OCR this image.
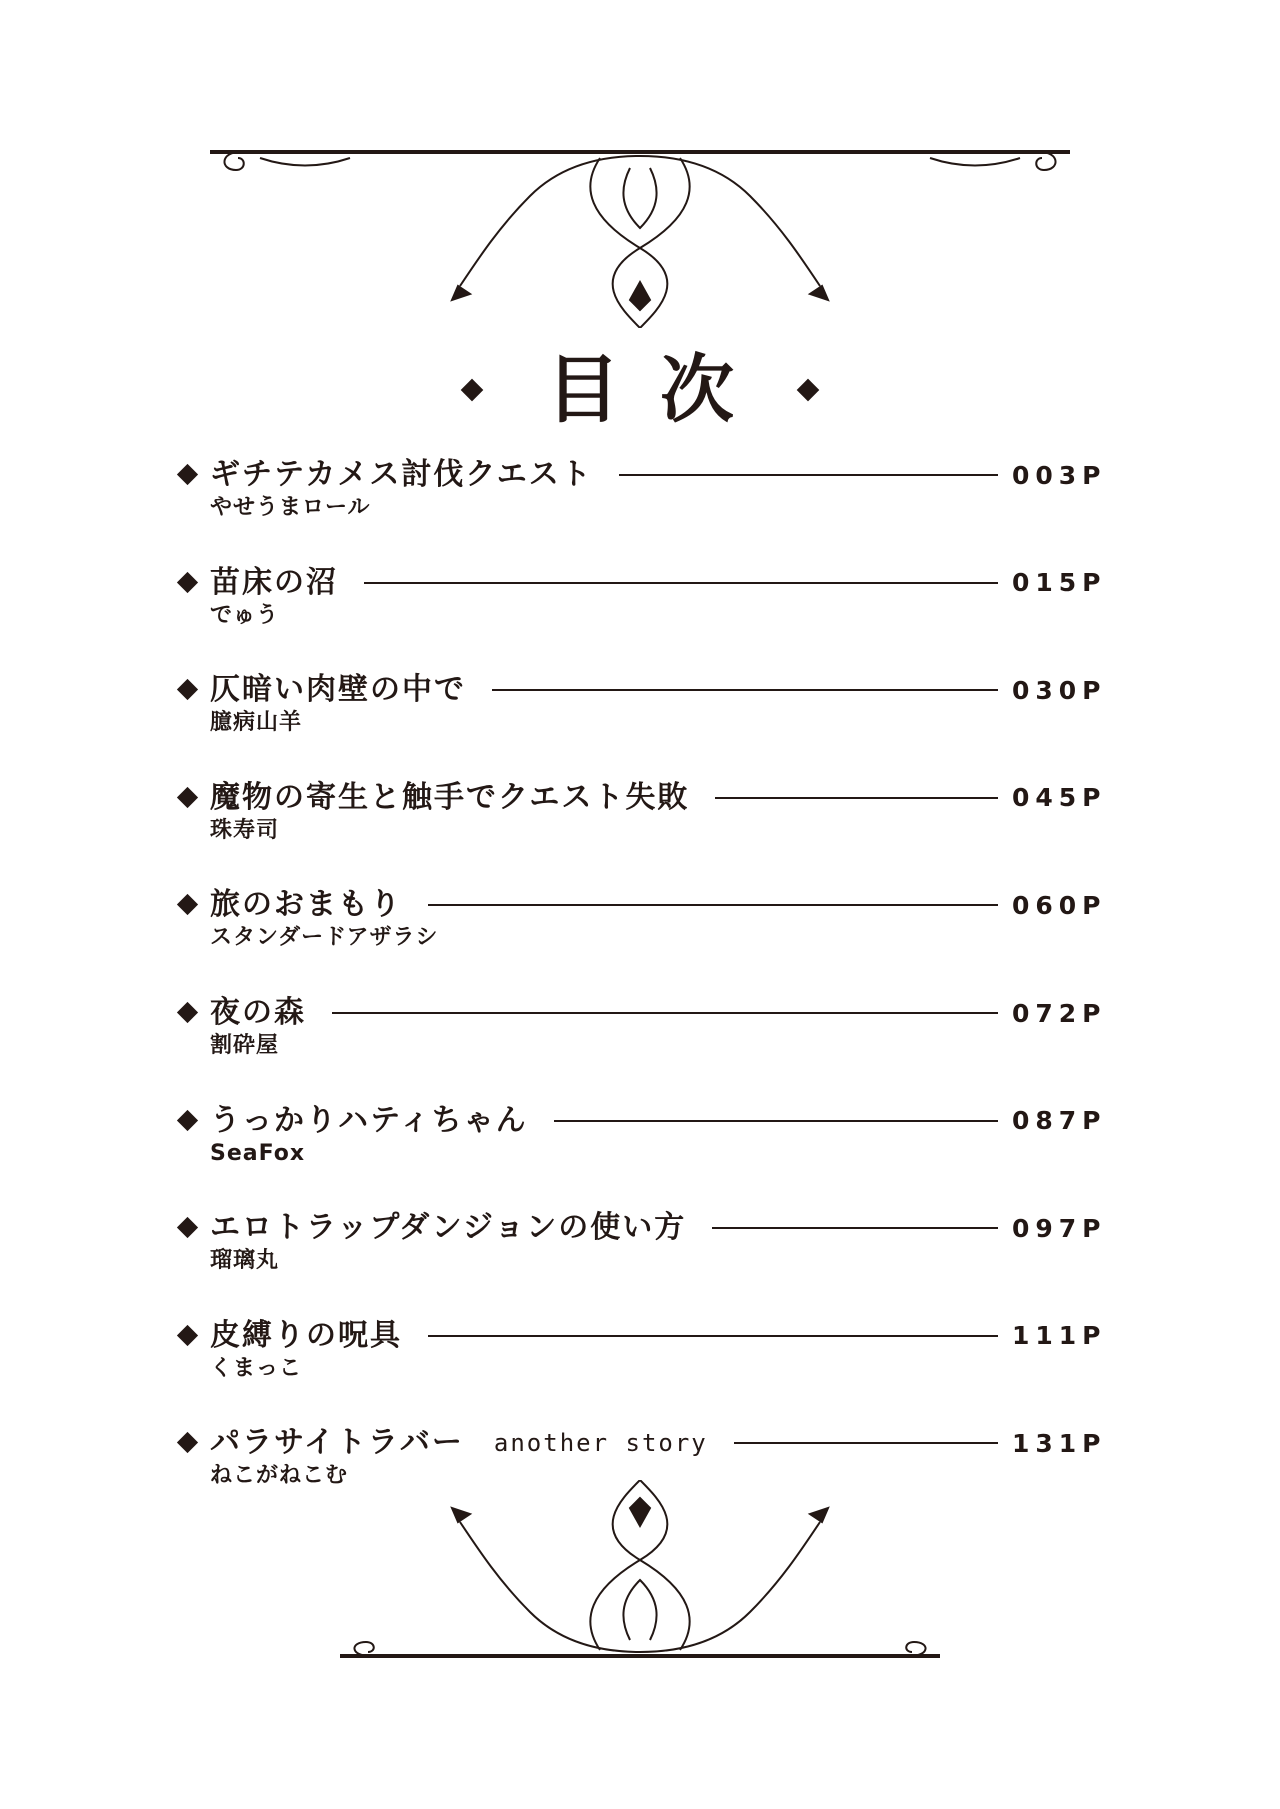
目次
ギチテカメス討伐クエスト	003P
やせうまロール
苗床の沼	015P
でゅう
仄暗い肉壁の中で	030P
臆病山羊
魔物の寄生と触手でクエスト失敗	045P
珠寿司
旅のおまもり	060P
スタンダードアザラシ
夜の森	072P
割砕屋
うっかりハティちゃん	087P
SeaFox
エロトラップダンジョンの使い方	097P
瑠璃丸
皮縛りの呪具	111P
くまっこ
パラサイトラバー another story	131P
ねこがねこむ
